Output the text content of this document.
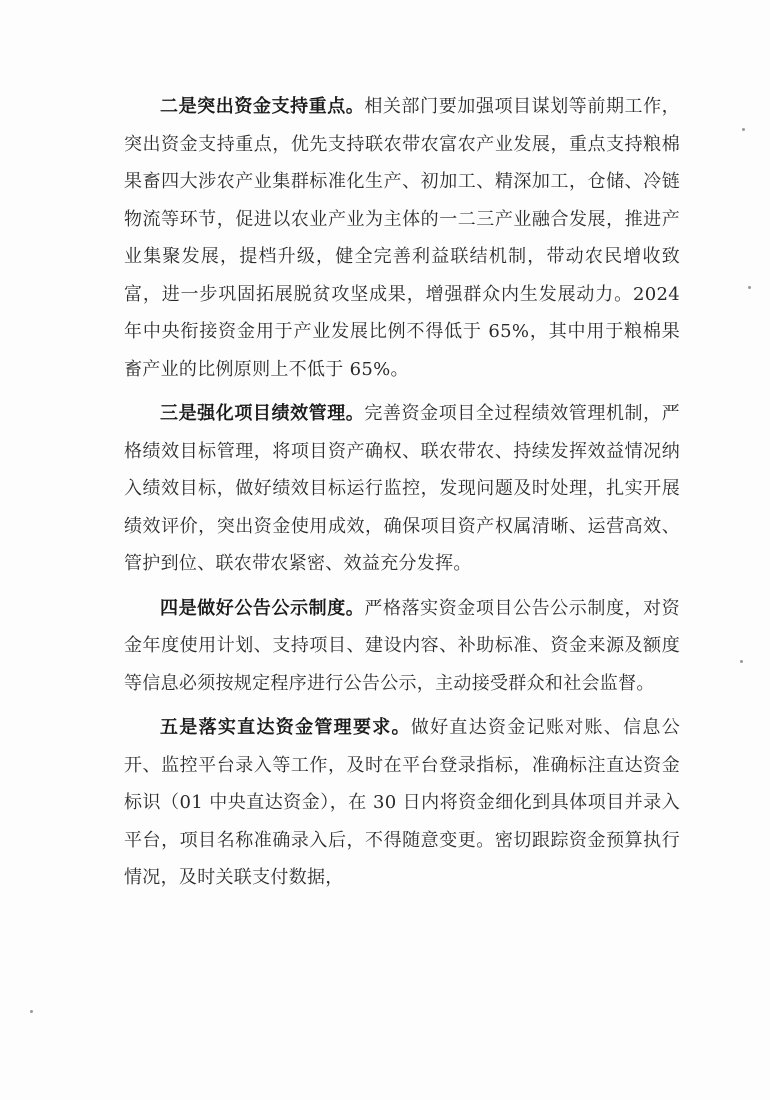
二是突出资金支持重点。相关部门要加强项目谋划等前期工作，突出资金支持重点，优先支持联农带农富农产业发展，重点支持粮棉果畜四大涉农产业集群标准化生产、初加工、精深加工，仓储、冷链物流等环节，促进以农业产业为主体的一二三产业融合发展，推进产业集聚发展，提档升级，健全完善利益联结机制，带动农民增收致富，进一步巩固拓展脱贫攻坚成果，增强群众内生发展动力。2024 年中央衔接资金用于产业发展比例不得低于 65%，其中用于粮棉果畜产业的比例原则上不低于 65%。

三是强化项目绩效管理。完善资金项目全过程绩效管理机制，严格绩效目标管理，将项目资产确权、联农带农、持续发挥效益情况纳入绩效目标，做好绩效目标运行监控，发现问题及时处理，扎实开展绩效评价，突出资金使用成效，确保项目资产权属清晰、运营高效、管护到位、联农带农紧密、效益充分发挥。

四是做好公告公示制度。严格落实资金项目公告公示制度，对资金年度使用计划、支持项目、建设内容、补助标准、资金来源及额度等信息必须按规定程序进行公告公示，主动接受群众和社会监督。

五是落实直达资金管理要求。做好直达资金记账对账、信息公开、监控平台录入等工作，及时在平台登录指标，准确标注直达资金标识（01 中央直达资金），在 30 日内将资金细化到具体项目并录入平台，项目名称准确录入后，不得随意变更。密切跟踪资金预算执行情况，及时关联支付数据，
